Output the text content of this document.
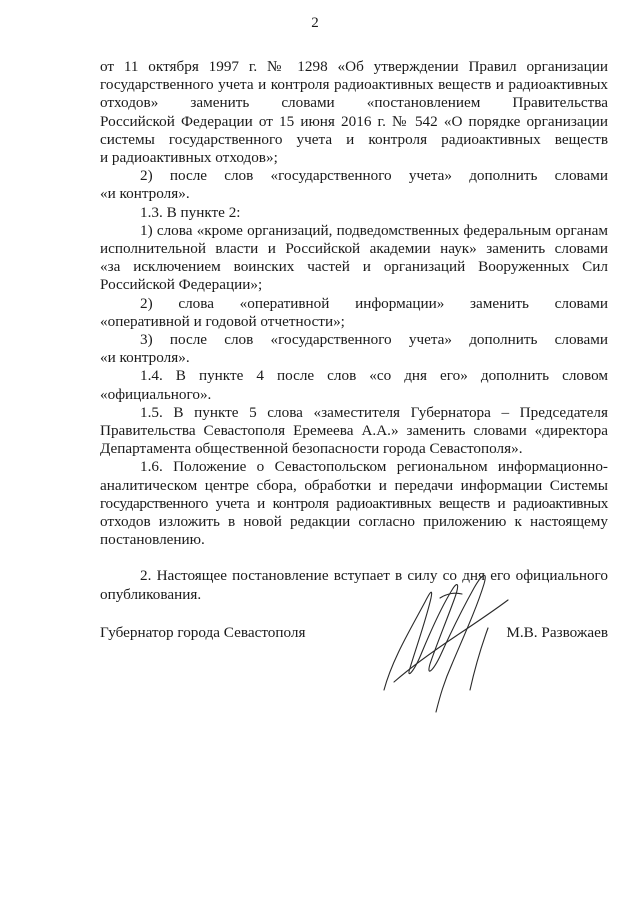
2

от 11 октября 1997 г. № 1298 «Об утверждении Правил организации

государственного учета и контроля радиоактивных веществ и радиоактивных

отходов» заменить словами «постановлением Правительства

Российской Федерации от 15 июня 2016 г. № 542 «О порядке организации

системы государственного учета и контроля радиоактивных веществ

и радиоактивных отходов»;

2) после слов «государственного учета» дополнить словами

«и контроля».

1.3. В пункте 2:

1) слова «кроме организаций, подведомственных федеральным органам

исполнительной власти и Российской академии наук» заменить словами

«за исключением воинских частей и организаций Вооруженных Сил

Российской Федерации»;

2) слова «оперативной информации» заменить словами

«оперативной и годовой отчетности»;

3) после слов «государственного учета» дополнить словами

«и контроля».

1.4. В пункте 4 после слов «со дня его» дополнить словом

«официального».

1.5. В пункте 5 слова «заместителя Губернатора – Председателя

Правительства Севастополя Еремеева А.А.» заменить словами «директора

Департамента общественной безопасности города Севастополя».

1.6. Положение о Севастопольском региональном информационно-

аналитическом центре сбора, обработки и передачи информации Системы

государственного учета и контроля радиоактивных веществ и радиоактивных

отходов изложить в новой редакции согласно приложению к настоящему

постановлению.

2. Настоящее постановление вступает в силу со дня его официального

опубликования.

Губернатор города Севастополя	М.В. Развожаев
